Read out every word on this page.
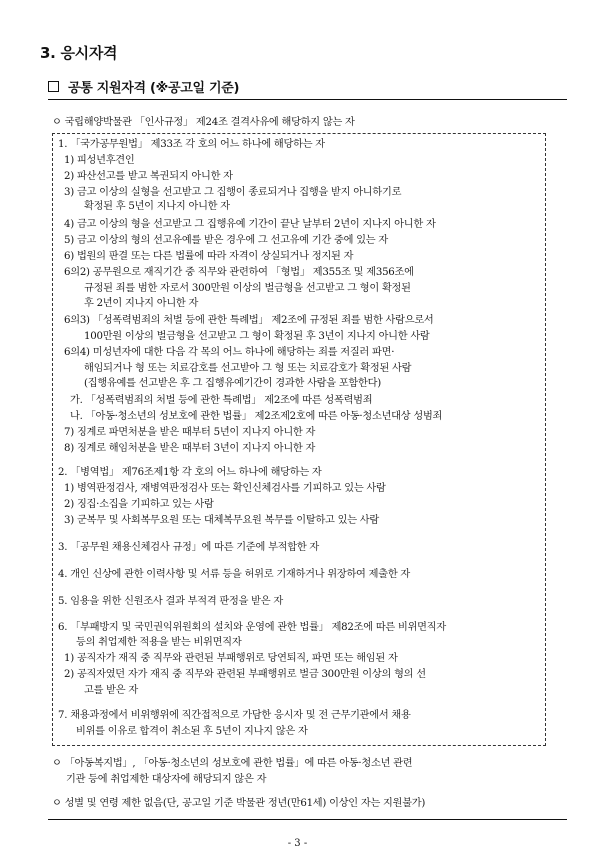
3. 응시자격
공통 지원자격 (※공고일 기준)
ㅇ 국립해양박물관 「인사규정」 제24조 결격사유에 해당하지 않는 자
1. 「국가공무원법」 제33조 각 호의 어느 하나에 해당하는 자
1) 피성년후견인
2) 파산선고를 받고 복권되지 아니한 자
3) 금고 이상의 실형을 선고받고 그 집행이 종료되거나 집행을 받지 아니하기로
확정된 후 5년이 지나지 아니한 자
4) 금고 이상의 형을 선고받고 그 집행유예 기간이 끝난 날부터 2년이 지나지 아니한 자
5) 금고 이상의 형의 선고유예를 받은 경우에 그 선고유예 기간 중에 있는 자
6) 법원의 판결 또는 다른 법률에 따라 자격이 상실되거나 정지된 자
6의2) 공무원으로 재직기간 중 직무와 관련하여 「형법」 제355조 및 제356조에
규정된 죄를 범한 자로서 300만원 이상의 벌금형을 선고받고 그 형이 확정된
후 2년이 지나지 아니한 자
6의3) 「성폭력범죄의 처벌 등에 관한 특례법」 제2조에 규정된 죄를 범한 사람으로서
100만원 이상의 벌금형을 선고받고 그 형이 확정된 후 3년이 지나지 아니한 사람
6의4) 미성년자에 대한 다음 각 목의 어느 하나에 해당하는 죄를 저질러 파면·
해임되거나 형 또는 치료감호를 선고받아 그 형 또는 치료감호가 확정된 사람
(집행유예를 선고받은 후 그 집행유예기간이 경과한 사람을 포함한다)
가. 「성폭력범죄의 처벌 등에 관한 특례법」 제2조에 따른 성폭력범죄
나. 「아동·청소년의 성보호에 관한 법률」 제2조제2호에 따른 아동·청소년대상 성범죄
7) 징계로 파면처분을 받은 때부터 5년이 지나지 아니한 자
8) 징계로 해임처분을 받은 때부터 3년이 지나지 아니한 자
2. 「병역법」 제76조제1항 각 호의 어느 하나에 해당하는 자
1) 병역판정검사, 재병역판정검사 또는 확인신체검사를 기피하고 있는 사람
2) 징집·소집을 기피하고 있는 사람
3) 군복무 및 사회복무요원 또는 대체복무요원 복무를 이탈하고 있는 사람
3. 「공무원 채용신체검사 규정」에 따른 기준에 부적합한 자
4. 개인 신상에 관한 이력사항 및 서류 등을 허위로 기재하거나 위장하여 제출한 자
5. 임용을 위한 신원조사 결과 부적격 판정을 받은 자
6. 「부패방지 및 국민권익위원회의 설치와 운영에 관한 법률」 제82조에 따른 비위면직자
등의 취업제한 적용을 받는 비위면직자
1) 공직자가 재직 중 직무와 관련된 부패행위로 당연퇴직, 파면 또는 해임된 자
2) 공직자였던 자가 재직 중 직무와 관련된 부패행위로 벌금 300만원 이상의 형의 선
고를 받은 자
7. 채용과정에서 비위행위에 직간접적으로 가담한 응시자 및 전 근무기관에서 채용
비위를 이유로 합격이 취소된 후 5년이 지나지 않은 자
ㅇ 「아동복지법」, 「아동·청소년의 성보호에 관한 법률」에 따른 아동·청소년 관련
기관 등에 취업제한 대상자에 해당되지 않은 자
ㅇ 성별 및 연령 제한 없음(단, 공고일 기준 박물관 정년(만61세) 이상인 자는 지원불가)
- 3 -
